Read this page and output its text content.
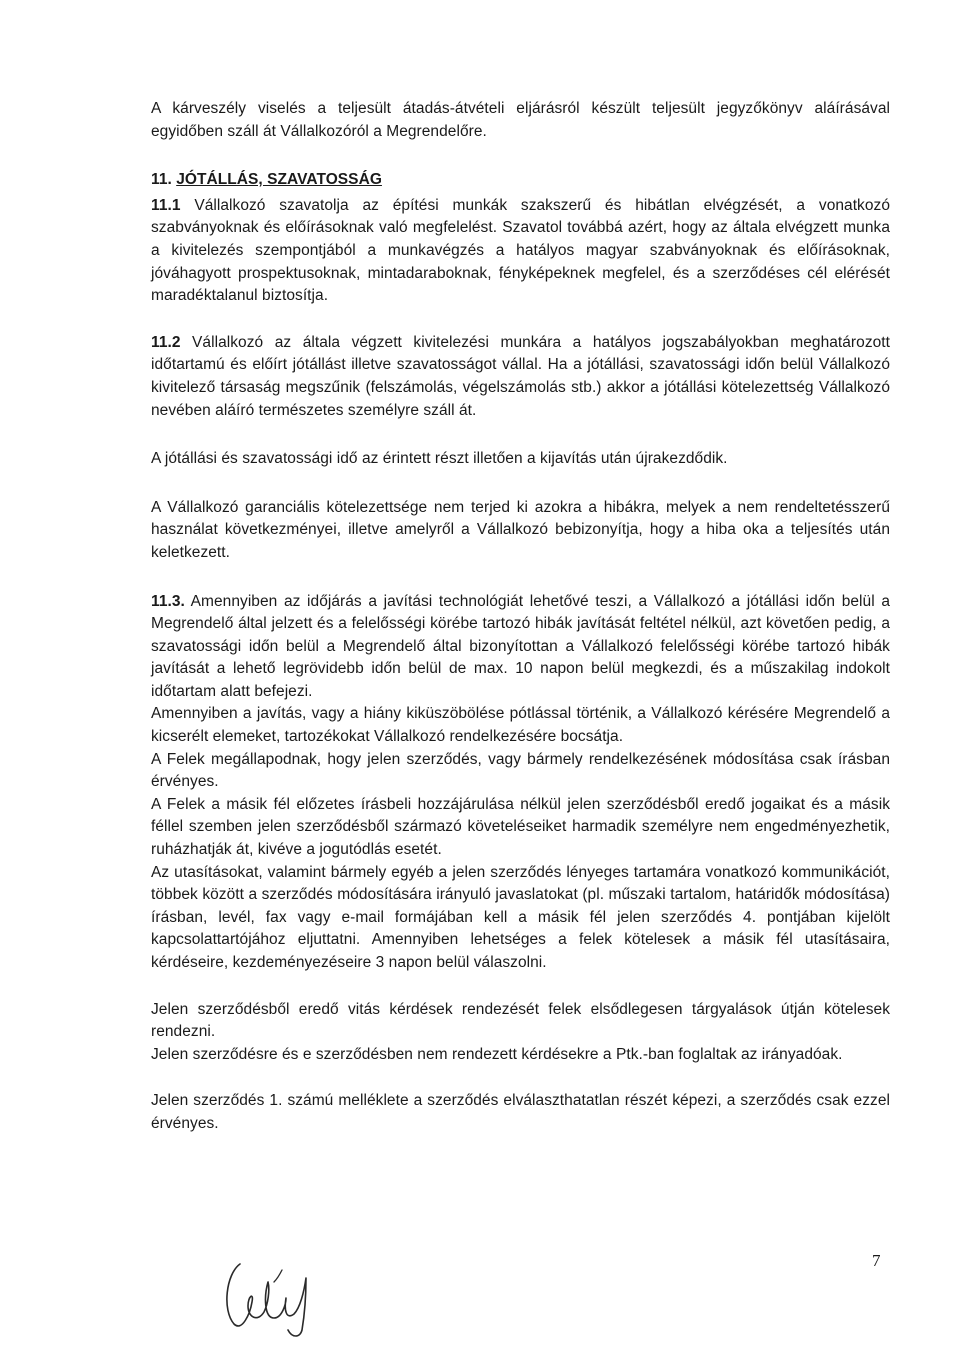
A kárveszély viselés a teljesült átadás-átvételi eljárásról készült teljesült jegyzőkönyv aláírásával egyidőben száll át Vállalkozóról a Megrendelőre.

11. JÓTÁLLÁS, SZAVATOSSÁG

11.1 Vállalkozó szavatolja az építési munkák szakszerű és hibátlan elvégzését, a vonatkozó szabványoknak és előírásoknak való megfelelést. Szavatol továbbá azért, hogy az általa elvégzett munka a kivitelezés szempontjából a munkavégzés a hatályos magyar szabványoknak és előírásoknak, jóváhagyott prospektusoknak, mintadaraboknak, fényképeknek megfelel, és a szerződéses cél elérését maradéktalanul biztosítja.

11.2 Vállalkozó az általa végzett kivitelezési munkára a hatályos jogszabályokban meghatározott időtartamú és előírt jótállást illetve szavatosságot vállal. Ha a jótállási, szavatossági időn belül Vállalkozó kivitelező társaság megszűnik (felszámolás, végelszámolás stb.) akkor a jótállási kötelezettség Vállalkozó nevében aláíró természetes személyre száll át.

A jótállási és szavatossági idő az érintett részt illetően a kijavítás után újrakezdődik.

A Vállalkozó garanciális kötelezettsége nem terjed ki azokra a hibákra, melyek a nem rendeltetésszerű használat következményei, illetve amelyről a Vállalkozó bebizonyítja, hogy a hiba oka a teljesítés után keletkezett.

11.3. Amennyiben az időjárás a javítási technológiát lehetővé teszi, a Vállalkozó a jótállási időn belül a Megrendelő által jelzett és a felelősségi körébe tartozó hibák javítását feltétel nélkül, azt követően pedig, a szavatossági időn belül a Megrendelő által bizonyítottan a Vállalkozó felelősségi körébe tartozó hibák javítását a lehető legrövidebb időn belül de max. 10 napon belül megkezdi, és a műszakilag indokolt időtartam alatt befejezi.

Amennyiben a javítás, vagy a hiány kiküszöbölése pótlással történik, a Vállalkozó kérésére Megrendelő a kicserélt elemeket, tartozékokat Vállalkozó rendelkezésére bocsátja.

A Felek megállapodnak, hogy jelen szerződés, vagy bármely rendelkezésének módosítása csak írásban érvényes.

A Felek a másik fél előzetes írásbeli hozzájárulása nélkül jelen szerződésből eredő jogaikat és a másik féllel szemben jelen szerződésből származó követeléseiket harmadik személyre nem engedményezhetik, ruházhatják át, kivéve a jogutódlás esetét.

Az utasításokat, valamint bármely egyéb a jelen szerződés lényeges tartamára vonatkozó kommunikációt, többek között a szerződés módosítására irányuló javaslatokat (pl. műszaki tartalom, határidők módosítása) írásban, levél, fax vagy e-mail formájában kell a másik fél jelen szerződés 4. pontjában kijelölt kapcsolattartójához eljuttatni. Amennyiben lehetséges a felek kötelesek a másik fél utasításaira, kérdéseire, kezdeményezéseire 3 napon belül válaszolni.

Jelen szerződésből eredő vitás kérdések rendezését felek elsődlegesen tárgyalások útján kötelesek rendezni.

Jelen szerződésre és e szerződésben nem rendezett kérdésekre a Ptk.-ban foglaltak az irányadóak.

Jelen szerződés 1. számú melléklete a szerződés elválaszthatatlan részét képezi, a szerződés csak ezzel érvényes.

7
